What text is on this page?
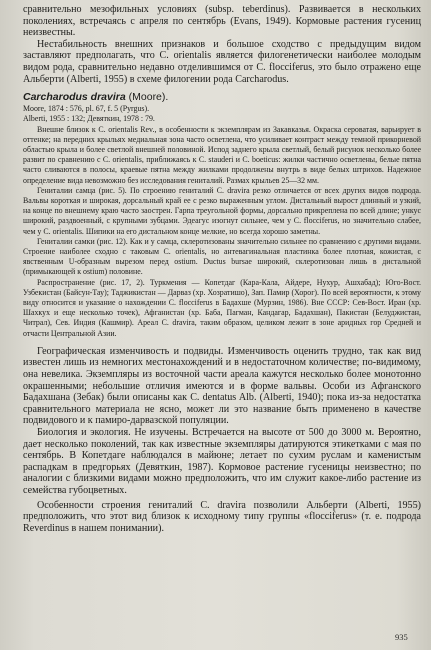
сравнительно мезофильных условиях (subsp. teberdinus). Развивается в нескольких поколениях, встречаясь с апреля по сентябрь (Evans, 1949). Кормовые растения гусениц неизвестны.

Нестабильность внешних признаков и большое сходство с предыдущим видом заставляют предполагать, что C. orientalis является филогенетически наиболее молодым видом рода, сравнительно недавно отделившимся от C. flocciferus, это было отражено еще Альберти (Alberti, 1955) в схеме филогении рода Carcharodus.

Carcharodus dravira (Moore).

Moore, 1874 : 576, pl. 67, f. 5 (Pyrgus).

Alberti, 1955 : 132; Девяткин, 1978 : 79.

Внешне близок к C. orientalis Rev., в особенности к экземплярам из Закавказья. Окраска сероватая, варьирует в оттенке; на передних крыльях медиальная зона часто осветлена, что усиливает контраст между темной прикорневой областью крыла и более светлой внешней половиной. Испод заднего крыла светлый, белый рисунок несколько более развит по сравнению с C. orientalis, приближаясь к C. stauderi и C. boeticus: жилки частично осветлены, белые пятна часто сливаются в полосы, краевые пятна между жилками продолжены внутрь в виде белых штрихов. Надежное определение вида невозможно без исследования гениталий. Размах крыльев 25—32 мм.

Гениталии самца (рис. 5). По строению гениталий C. dravira резко отличается от всех других видов подрода. Вальвы короткая и широкая, дорсальный край ее с резко выраженным углом. Дистальный вырост длинный и узкий, на конце по внешнему краю часто заострен. Гарпа треугольной формы, дорсально прикреплена по всей длине; ункус широкий, раздвоенный, с крупными зубцами. Эдеагус изогнут сильнее, чем у C. flocciferus, но значительно слабее, чем у C. orientalis. Шипики на его дистальном конце мелкие, но всегда хорошо заметны.

Гениталии самки (рис. 12). Как и у самца, склеротизованы значительно сильнее по сравнению с другими видами. Строение наиболее сходно с таковым C. orientalis, но антевагинальная пластинка более плотная, кожистая, с явственным U-образным вырезом перед ostium. Ductus bursae широкий, склеротизован лишь в дистальной (примыкающей к ostium) половине.

Распространение (рис. 17, 2). Туркмения — Копетдаг (Кара-Кала, Айдере, Нухур, Ашхабад); Юго-Вост. Узбекистан (Байсун-Тау); Таджикистан — Дарваз (хр. Хозратишо), Зап. Памир (Хорог). По всей вероятности, к этому виду относится и указание о нахождении C. flocciferus в Бадахше (Мурзин, 1986). Вне СССР: Сев-Вост. Иран (хр. Шахкух и еще несколько точек), Афганистан (хр. Баба, Пагман, Кандагар, Бадахшан), Пакистан (Белуджистан, Читрал), Сев. Индия (Кашмир). Ареал C. dravira, таким образом, целиком лежит в зоне аридных гор Средней и отчасти Центральной Азии.

Географическая изменчивость и подвиды. Изменчивость оценить трудно, так как вид известен лишь из немногих местонахождений и в недостаточном количестве; по-видимому, она невелика. Экземпляры из восточной части ареала кажутся несколько более монотонно окрашенными; небольшие отличия имеются и в форме вальвы. Особи из Афганского Бадахшана (Зебак) были описаны как C. dentatus Alb. (Alberti, 1940); пока из-за недостатка сравнительного материала не ясно, может ли это название быть применено в качестве подвидового и к памиро-дарвазской популяции.

Биология и экология. Не изучены. Встречается на высоте от 500 до 3000 м. Вероятно, дает несколько поколений, так как известные экземпляры датируются этикетками с мая по сентябрь. В Копетдаге наблюдался в майюне; летает по сухим руслам и каменистым распадкам в предгорьях (Девяткин, 1987). Кормовое растение гусеницы неизвестно; по аналогии с близкими видами можно предположить, что им служит какое-либо растение из семейства губоцветных.

Особенности строения гениталий C. dravira позволили Альберти (Alberti, 1955) предположить, что этот вид близок к исходному типу группы «flocciferus» (т. е. подрода Reverdinus в нашем понимании).

935
